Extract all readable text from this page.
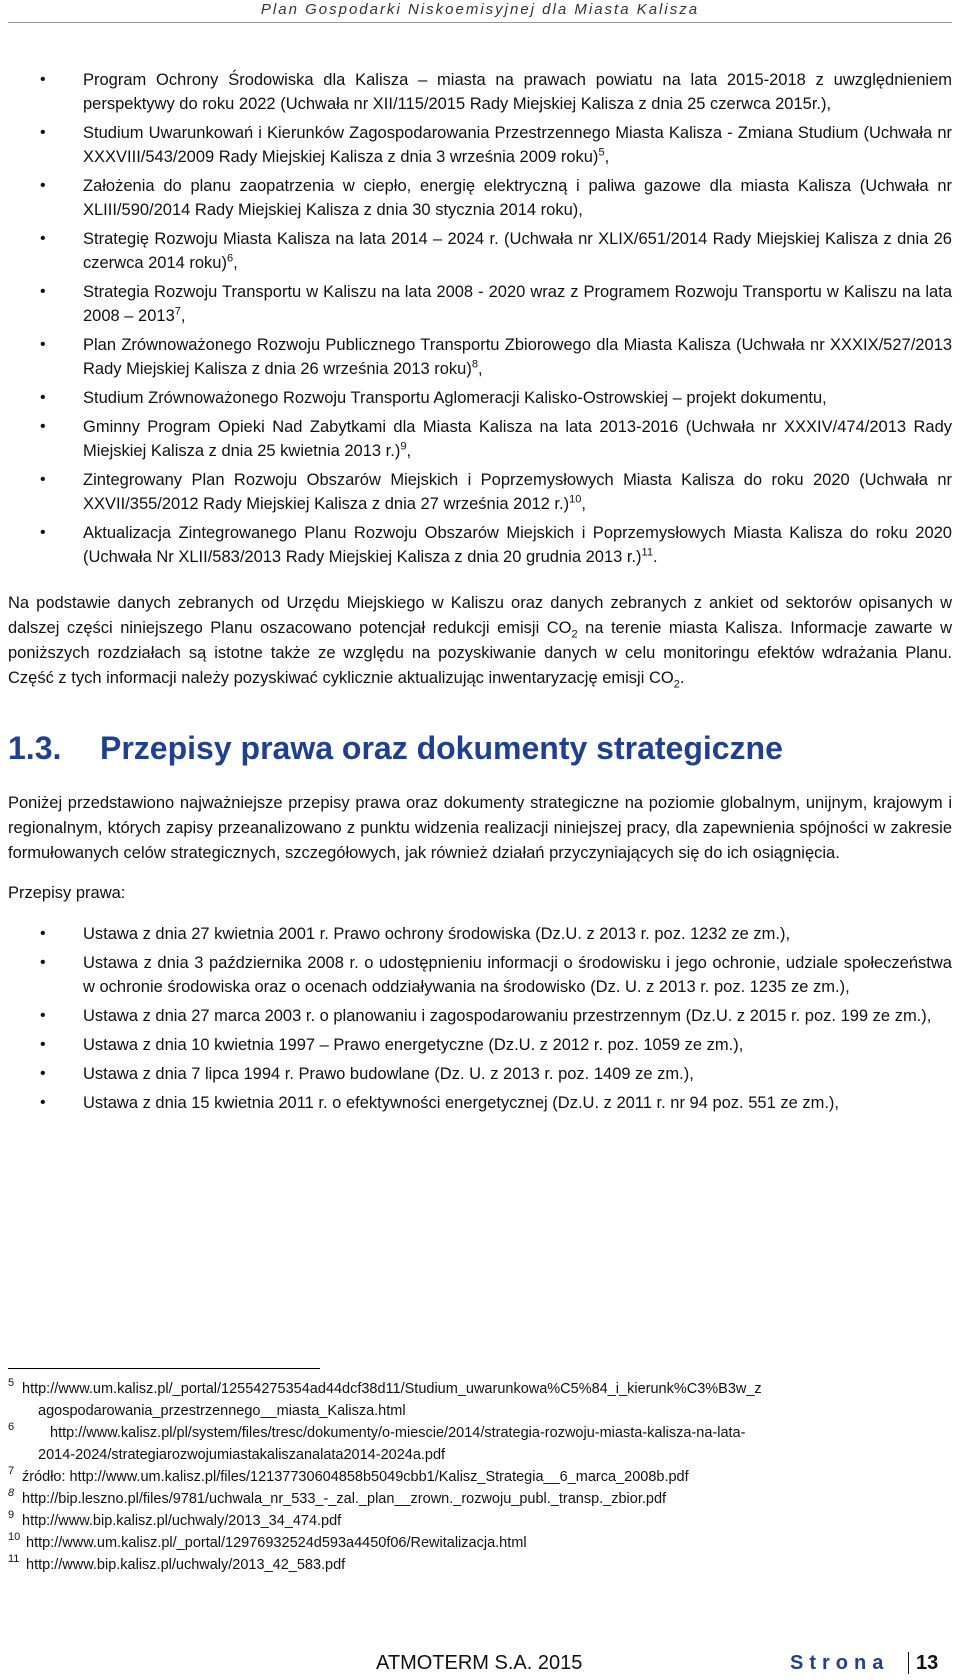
Plan Gospodarki Niskoemisyjnej dla Miasta Kalisza
• Program Ochrony Środowiska dla Kalisza – miasta na prawach powiatu na lata 2015-2018 z uwzględnieniem perspektywy do roku 2022 (Uchwała nr XII/115/2015 Rady Miejskiej Kalisza z dnia 25 czerwca 2015r.),
• Studium Uwarunkowań i Kierunków Zagospodarowania Przestrzennego Miasta Kalisza - Zmiana Studium (Uchwała nr XXXVIII/543/2009 Rady Miejskiej Kalisza z dnia 3 września 2009 roku)$^5$,
• Założenia do planu zaopatrzenia w ciepło, energię elektryczną i paliwa gazowe dla miasta Kalisza (Uchwała nr XLIII/590/2014 Rady Miejskiej Kalisza z dnia 30 stycznia 2014 roku),
• Strategię Rozwoju Miasta Kalisza na lata 2014 – 2024 r. (Uchwała nr XLIX/651/2014 Rady Miejskiej Kalisza z dnia 26 czerwca 2014 roku)$^6$,
• Strategia Rozwoju Transportu w Kaliszu na lata 2008 - 2020 wraz z Programem Rozwoju Transportu w Kaliszu na lata 2008 – 2013$^7$,
• Plan Zrównoważonego Rozwoju Publicznego Transportu Zbiorowego dla Miasta Kalisza (Uchwała nr XXXIX/527/2013 Rady Miejskiej Kalisza z dnia 26 września 2013 roku)$^8$,
• Studium Zrównoważonego Rozwoju Transportu Aglomeracji Kalisko-Ostrowskiej – projekt dokumentu,
• Gminny Program Opieki Nad Zabytkami dla Miasta Kalisza na lata 2013-2016 (Uchwała nr XXXIV/474/2013 Rady Miejskiej Kalisza z dnia 25 kwietnia 2013 r.)$^9$,
• Zintegrowany Plan Rozwoju Obszarów Miejskich i Poprzemysłowych Miasta Kalisza do roku 2020 (Uchwała nr XXVII/355/2012 Rady Miejskiej Kalisza z dnia 27 września 2012 r.)$^{10}$,
• Aktualizacja Zintegrowanego Planu Rozwoju Obszarów Miejskich i Poprzemysłowych Miasta Kalisza do roku 2020 (Uchwała Nr XLII/583/2013 Rady Miejskiej Kalisza z dnia 20 grudnia 2013 r.)$^{11}$.

Na podstawie danych zebranych od Urzędu Miejskiego w Kaliszu oraz danych zebranych z ankiet od sektorów opisanych w dalszej części niniejszego Planu oszacowano potencjał redukcji emisji $CO_2$ na terenie miasta Kalisza. Informacje zawarte w poniższych rozdziałach są istotne także ze względu na pozyskiwanie danych w celu monitoringu efektów wdrażania Planu. Część z tych informacji należy pozyskiwać cyklicznie aktualizując inwentaryzację emisji $CO_2$.

1.3. Przepisy prawa oraz dokumenty strategiczne

Poniżej przedstawiono najważniejsze przepisy prawa oraz dokumenty strategiczne na poziomie globalnym, unijnym, krajowym i regionalnym, których zapisy przeanalizowano z punktu widzenia realizacji niniejszej pracy, dla zapewnienia spójności w zakresie formułowanych celów strategicznych, szczegółowych, jak również działań przyczyniających się do ich osiągnięcia.

Przepisy prawa:
• Ustawa z dnia 27 kwietnia 2001 r. Prawo ochrony środowiska (Dz.U. z 2013 r. poz. 1232 ze zm.),
• Ustawa z dnia 3 października 2008 r. o udostępnieniu informacji o środowisku i jego ochronie, udziale społeczeństwa w ochronie środowiska oraz o ocenach oddziaływania na środowisko (Dz. U. z 2013 r. poz. 1235 ze zm.),
• Ustawa z dnia 27 marca 2003 r. o planowaniu i zagospodarowaniu przestrzennym (Dz.U. z 2015 r. poz. 199 ze zm.),
• Ustawa z dnia 10 kwietnia 1997 – Prawo energetyczne (Dz.U. z 2012 r. poz. 1059 ze zm.),
• Ustawa z dnia 7 lipca 1994 r. Prawo budowlane (Dz. U. z 2013 r. poz. 1409 ze zm.),
• Ustawa z dnia 15 kwietnia 2011 r. o efektywności energetycznej (Dz.U. z 2011 r. nr 94 poz. 551 ze zm.),
5 http://www.um.kalisz.pl/_portal/12554275354ad44dcf38d11/Studium_uwarunkowa%C5%84_i_kierunk%C3%B3w_z
agospodarowania_przestrzennego__miasta_Kalisza.html
6	http://www.kalisz.pl/pl/system/files/tresc/dokumenty/o-miescie/2014/strategia-rozwoju-miasta-kalisza-na-lata-
2014-2024/strategiarozwojumiastakaliszanalata2014-2024a.pdf
7 źródło: http://www.um.kalisz.pl/files/12137730604858b5049cbb1/Kalisz_Strategia__6_marca_2008b.pdf
8 http://bip.leszno.pl/files/9781/uchwala_nr_533_-_zal._plan__zrown._rozwoju_publ._transp._zbior.pdf
9 http://www.bip.kalisz.pl/uchwaly/2013_34_474.pdf
10 http://www.um.kalisz.pl/_portal/12976932524d593a4450f06/Rewitalizacja.html
11 http://www.bip.kalisz.pl/uchwaly/2013_42_583.pdf
ATMOTERM S.A. 2015	Strona 13
